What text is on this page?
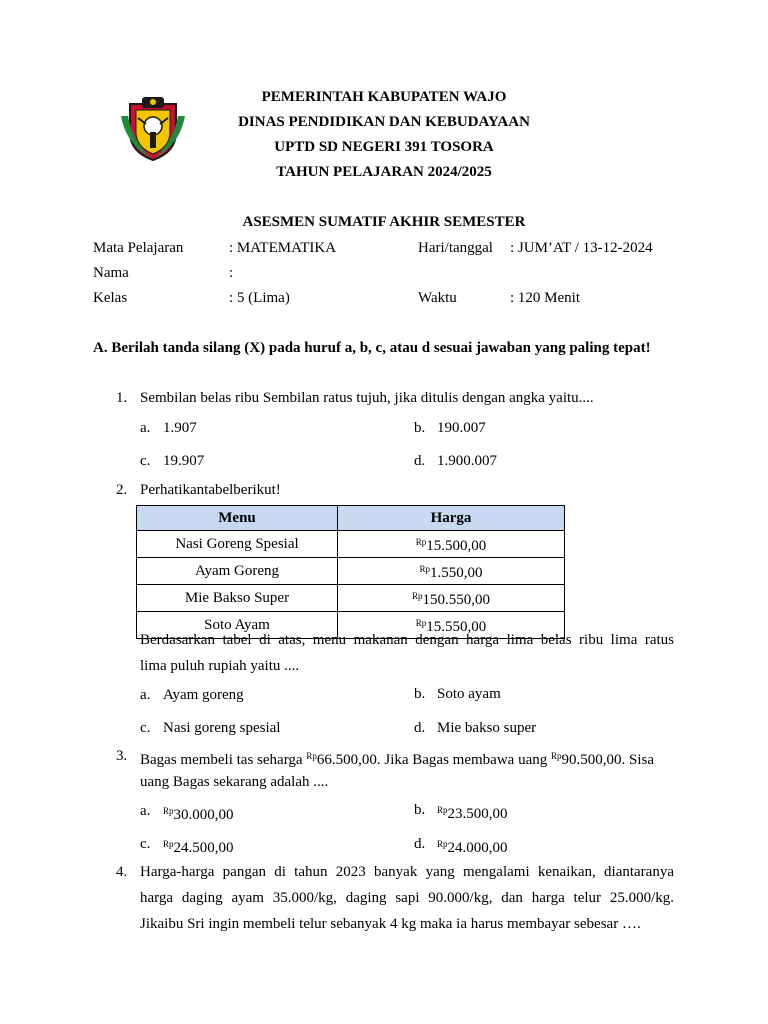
PEMERINTAH KABUPATEN WAJO
DINAS PENDIDIKAN DAN KEBUDAYAAN
UPTD SD NEGERI 391 TOSORA
TAHUN PELAJARAN 2024/2025
ASESMEN SUMATIF AKHIR SEMESTER
Mata Pelajaran	: MATEMATIKA	Hari/tanggal : JUM’AT / 13-12-2024
Nama	:
Kelas	: 5 (Lima)	Waktu	: 120 Menit
A. Berilah tanda silang (X) pada huruf a, b, c, atau d sesuai jawaban yang paling tepat!
1. Sembilan belas ribu Sembilan ratus tujuh, jika ditulis dengan angka yaitu....
a. 1.907	b. 190.007
c. 19.907	d. 1.900.007
2. Perhatikantabelberikut!
Menu	Harga
Nasi Goreng Spesial	$^{Rp}$15.500,00
Ayam Goreng	$^{Rp}$1.550,00
Mie Bakso Super	$^{Rp}$150.550,00
Soto Ayam	$^{Rp}$15.550,00
Berdasarkan tabel di atas, menu makanan dengan harga lima belas ribu lima ratus
lima puluh rupiah yaitu ....
a. Ayam goreng	b. Soto ayam
c. Nasi goreng spesial	d. Mie bakso super
3. Bagas membeli tas seharga $^{Rp}$66.500,00. Jika Bagas membawa uang $^{Rp}$90.500,00. Sisa
uang Bagas sekarang adalah ....
a. $^{Rp}$30.000,00	b. $^{Rp}$23.500,00
c. $^{Rp}$24.500,00	d. $^{Rp}$24.000,00
4. Harga-harga pangan di tahun 2023 banyak yang mengalami kenaikan, diantaranya
harga daging ayam 35.000/kg, daging sapi 90.000/kg, dan harga telur 25.000/kg.
Jikaibu Sri ingin membeli telur sebanyak 4 kg maka ia harus membayar sebesar ….
